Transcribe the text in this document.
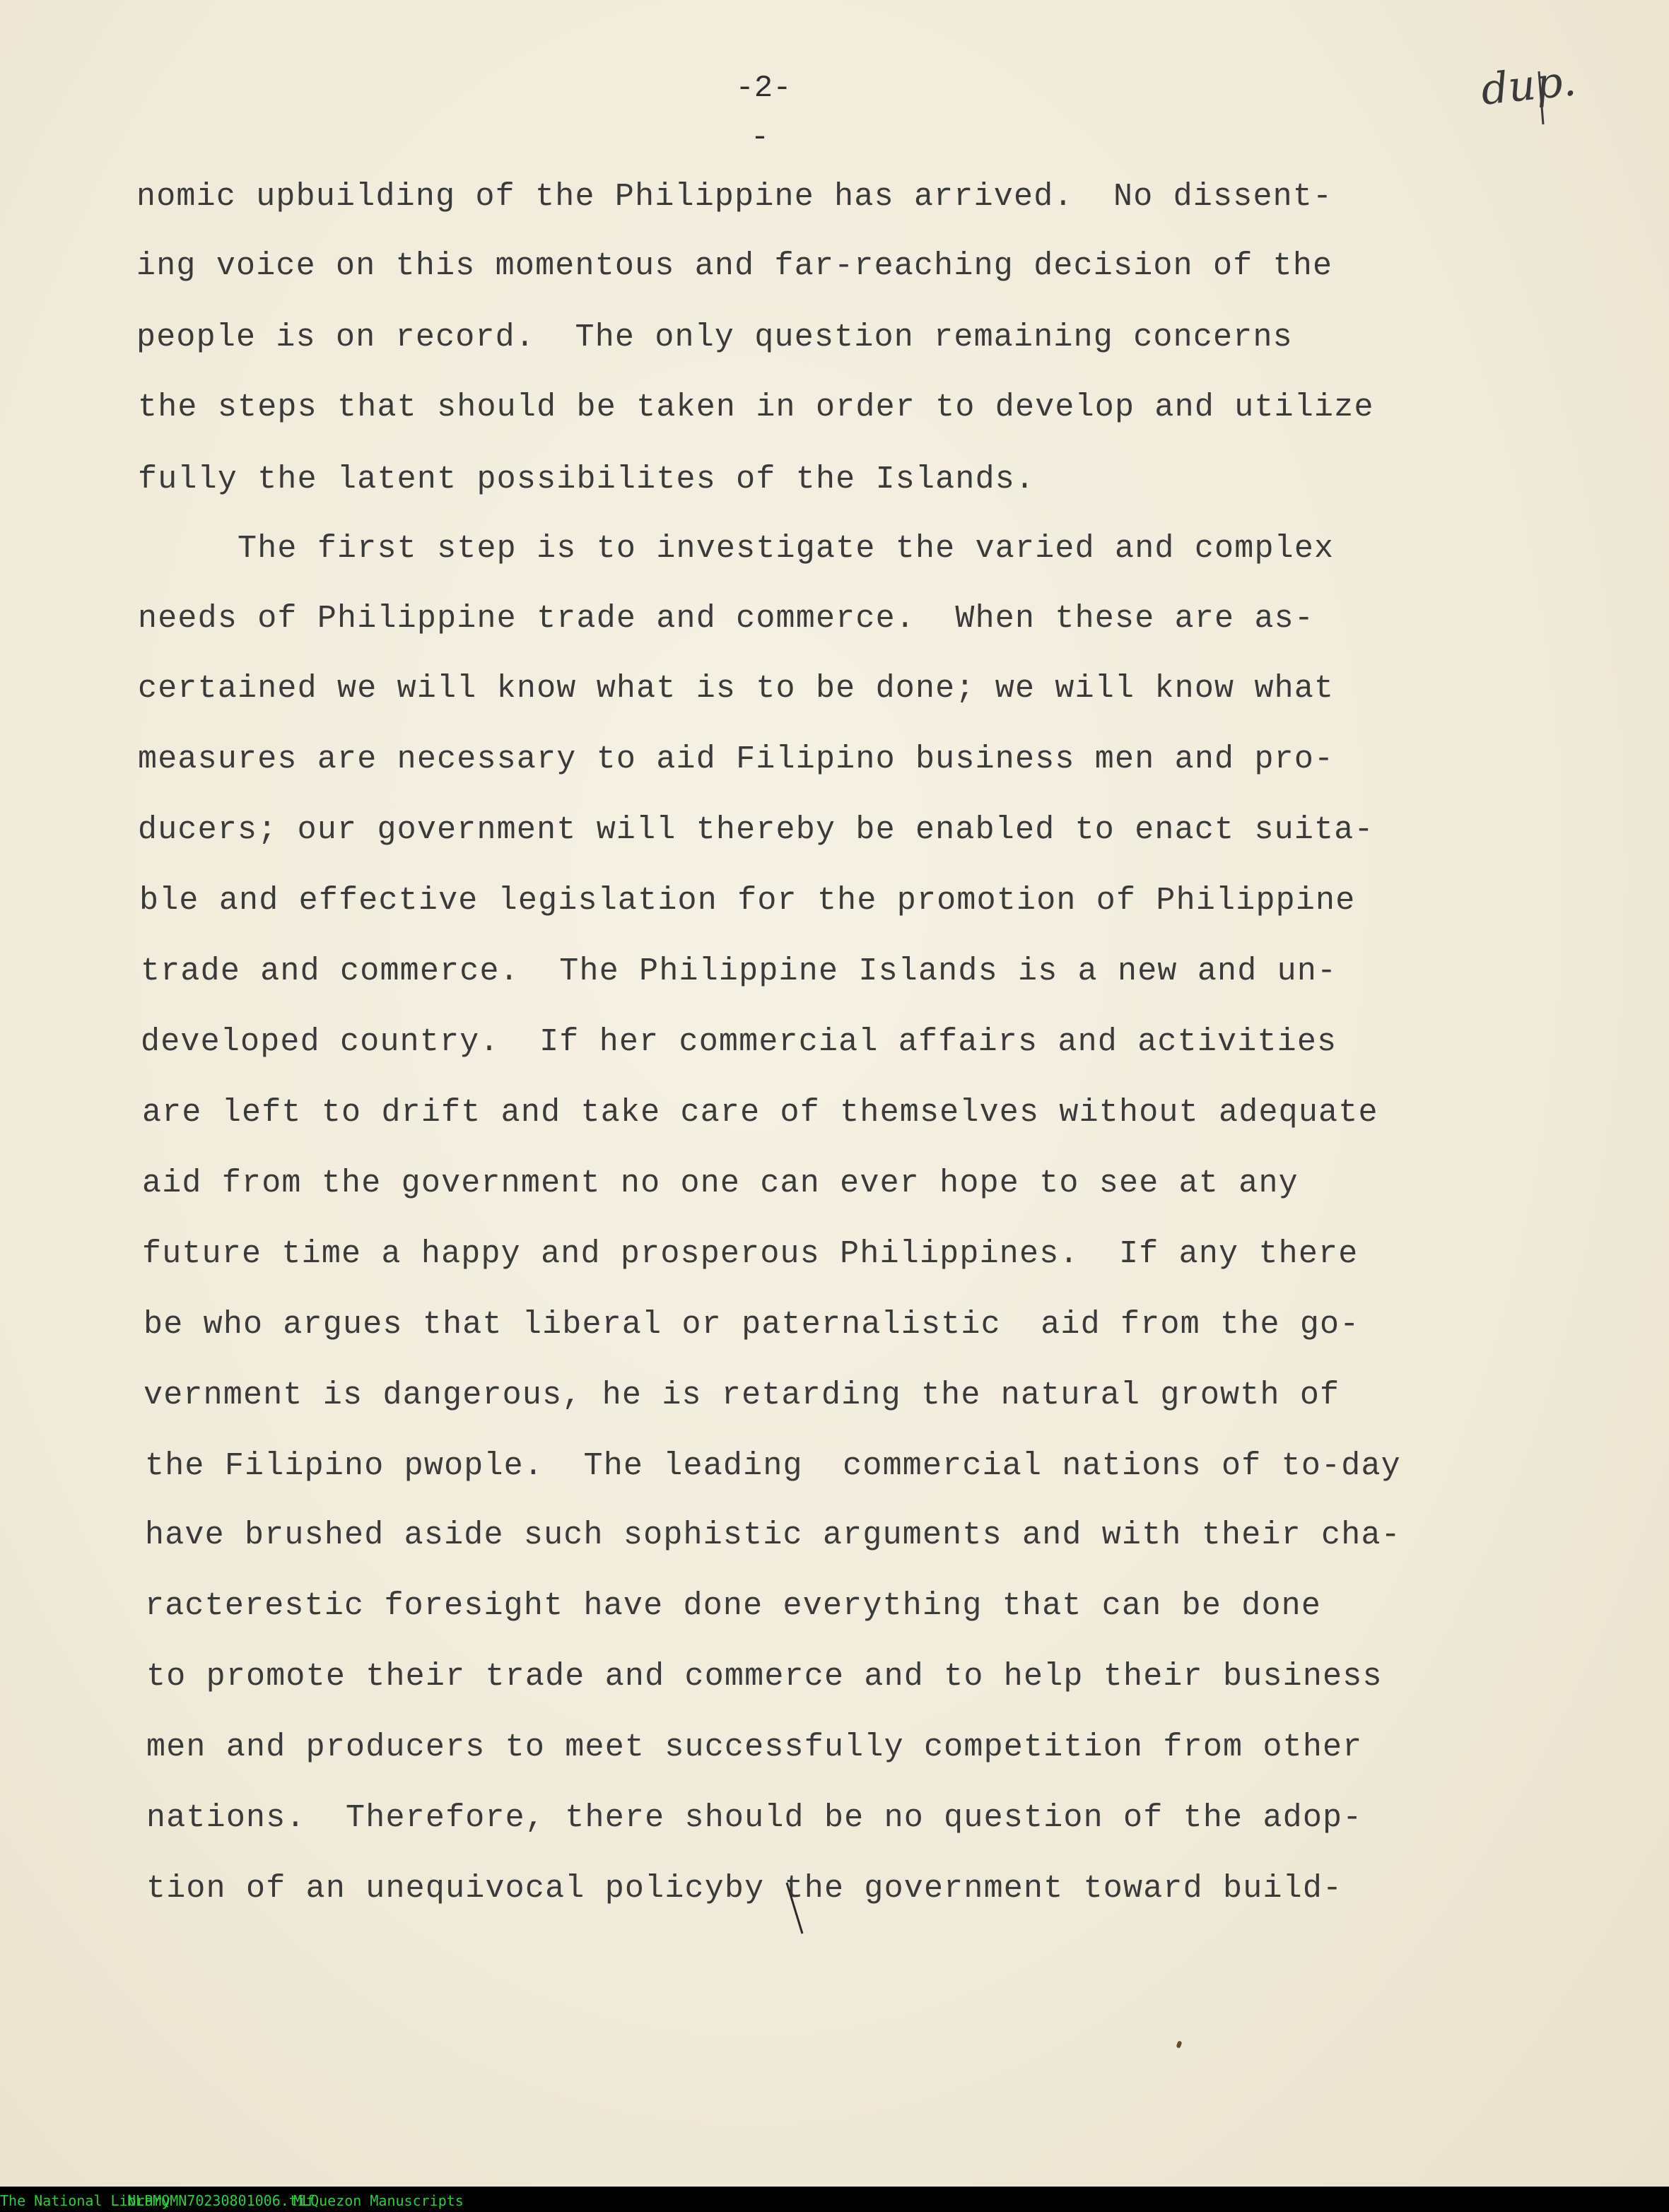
-2-
-
dup.
nomic upbuilding of the Philippine has arrived.  No dissent-
ing voice on this momentous and far-reaching decision of the
people is on record.  The only question remaining concerns
the steps that should be taken in order to develop and utilize
fully the latent possibilites of the Islands.
The first step is to investigate the varied and complex
needs of Philippine trade and commerce.  When these are as-
certained we will know what is to be done; we will know what
measures are necessary to aid Filipino business men and pro-
ducers; our government will thereby be enabled to enact suita-
ble and effective legislation for the promotion of Philippine
trade and commerce.  The Philippine Islands is a new and un-
developed country.  If her commercial affairs and activities
are left to drift and take care of themselves without adequate
aid from the government no one can ever hope to see at any
future time a happy and prosperous Philippines.  If any there
be who argues that liberal or paternalistic  aid from the go-
vernment is dangerous, he is retarding the natural growth of
the Filipino pwople.  The leading  commercial nations of to-day
have brushed aside such sophistic arguments and with their cha-
racterestic foresight have done everything that can be done
to promote their trade and commerce and to help their business
men and producers to meet successfully competition from other
nations.  Therefore, there should be no question of the adop-
tion of an unequivocal policyby the government toward build-
The National Library
NLPMQMN70230801006.tif
MLQuezon Manuscripts
